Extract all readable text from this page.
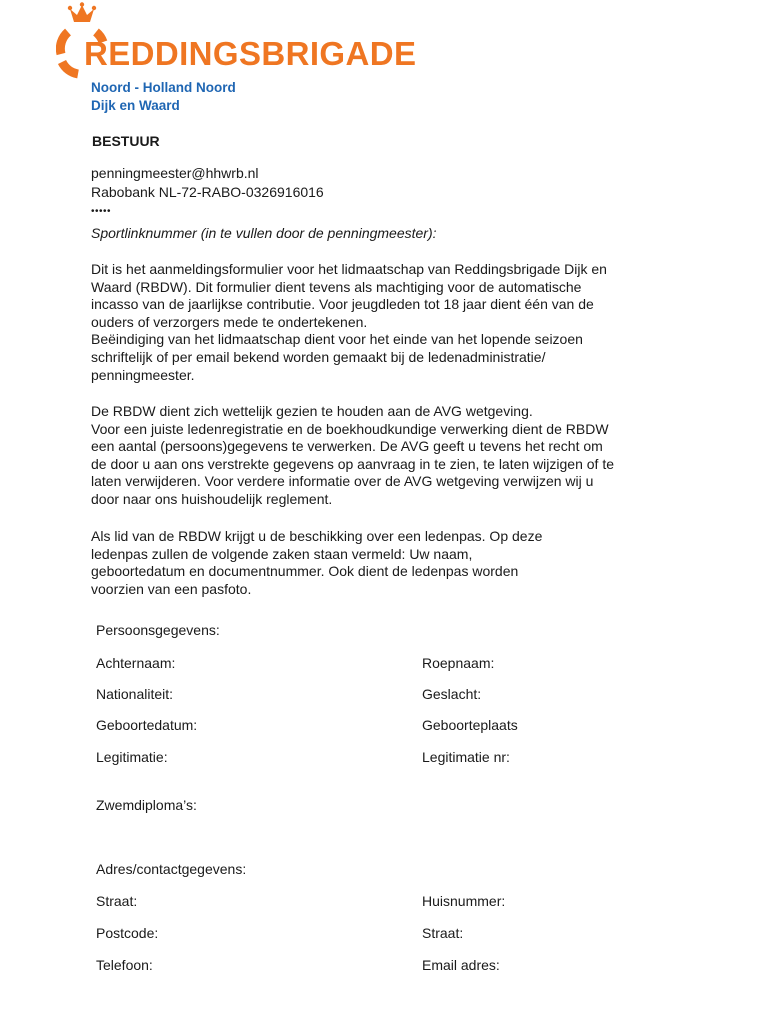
REDDINGSBRIGADE
Noord - Holland Noord
Dijk en Waard
BESTUUR
penningmeester@hhwrb.nl
Rabobank NL-72-RABO-0326916016
•••••
Sportlinknummer (in te vullen door de penningmeester):

Dit is het aanmeldingsformulier voor het lidmaatschap van Reddingsbrigade Dijk en

Waard (RBDW). Dit formulier dient tevens als machtiging voor de automatische

incasso van de jaarlijkse contributie. Voor jeugdleden tot 18 jaar dient één van de

ouders of verzorgers mede te ondertekenen.

Beëindiging van het lidmaatschap dient voor het einde van het lopende seizoen

schriftelijk of per email bekend worden gemaakt bij de ledenadministratie/

penningmeester.

De RBDW dient zich wettelijk gezien te houden aan de AVG wetgeving.

Voor een juiste ledenregistratie en de boekhoudkundige verwerking dient de RBDW

een aantal (persoons)gegevens te verwerken. De AVG geeft u tevens het recht om

de door u aan ons verstrekte gegevens op aanvraag in te zien, te laten wijzigen of te

laten verwijderen. Voor verdere informatie over de AVG wetgeving verwijzen wij u

door naar ons huishoudelijk reglement.

Als lid van de RBDW krijgt u de beschikking over een ledenpas. Op deze

ledenpas zullen de volgende zaken staan vermeld: Uw naam,

geboortedatum en documentnummer. Ook dient de ledenpas worden

voorzien van een pasfoto.

Persoonsgegevens:
Achternaam:	Roepnaam:
Nationaliteit:	Geslacht:
Geboortedatum:	Geboorteplaats
Legitimatie:	Legitimatie nr:
Zwemdiploma’s:
Adres/contactgegevens:
Straat:	Huisnummer:
Postcode:	Straat:
Telefoon:	Email adres:
